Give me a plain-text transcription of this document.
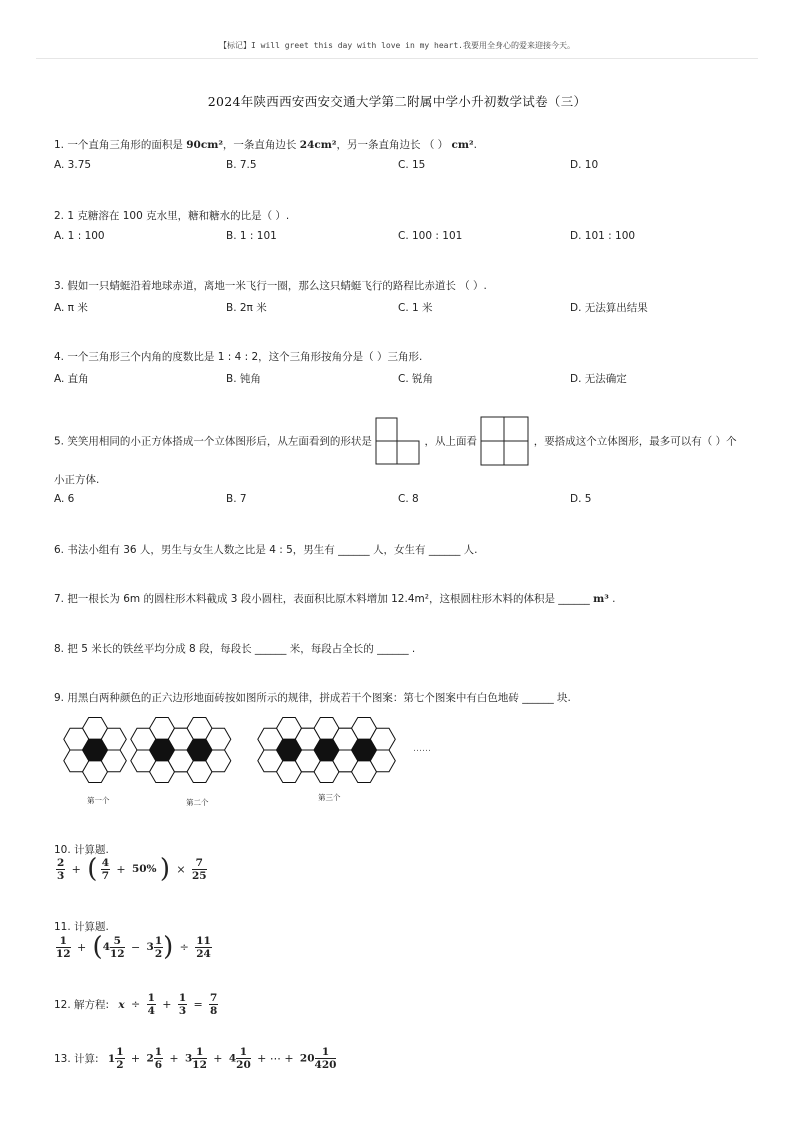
【标记】I will greet this day with love in my heart.我要用全身心的爱来迎接今天。
2024年陕西西安西安交通大学第二附属中学小升初数学试卷（三）
1. 一个直角三角形的面积是 90cm²，一条直角边长 24cm²，另一条直角边长 （ ） cm².
A. 3.75	B. 7.5	C. 15	D. 10
2. 1 克糖溶在 100 克水里，糖和糖水的比是（ ）.
A. 1 : 100	B. 1 : 101	C. 100 : 101	D. 101 : 100
3. 假如一只蜻蜓沿着地球赤道，离地一米飞行一圈，那么这只蜻蜓飞行的路程比赤道长 （ ）.
A. π 米	B. 2π 米	C. 1 米	D. 无法算出结果
4. 一个三角形三个内角的度数比是 1 : 4 : 2，这个三角形按角分是（ ）三角形.
A. 直角	B. 钝角	C. 锐角	D. 无法确定
5. 笑笑用相同的小正方体搭成一个立体图形后，从左面看到的形状是	，从上面看	，要搭成这个立体图形，最多可以有（ ）个
小正方体.
A. 6	B. 7	C. 8	D. 5
6. 书法小组有 36 人，男生与女生人数之比是 4 : 5，男生有 ______ 人，女生有 ______ 人.
7. 把一根长为 6m 的圆柱形木料截成 3 段小圆柱，表面积比原木料增加 12.4m²，这根圆柱形木料的体积是 ______ m³ .
8. 把 5 米长的铁丝平均分成 8 段，每段长 ______ 米，每段占全长的 ______ .
9. 用黑白两种颜色的正六边形地面砖按如图所示的规律，拼成若干个图案：第七个图案中有白色地砖 ______ 块.
第一个	第二个
第三个
……
10. 计算题.
$\frac{2}{3}$ + ( $\frac{4}{7} + 50\%$ ) × $\frac{7}{25}$
11. 计算题.
$\frac{1}{12} + (4 \frac{5}{12} - 3 \frac{1}{2}$ ) ÷ $\frac{11}{24}$
12. 解方程: $x \div \frac{1}{4} + \frac{1}{3} = \frac{7}{8}$
13. 计算: $1 \frac{1}{2} + 2 \frac{1}{6} + 3 \frac{1}{12} + 4 \frac{1}{20}$ + ⋯ + $20 \frac{1}{420}$
